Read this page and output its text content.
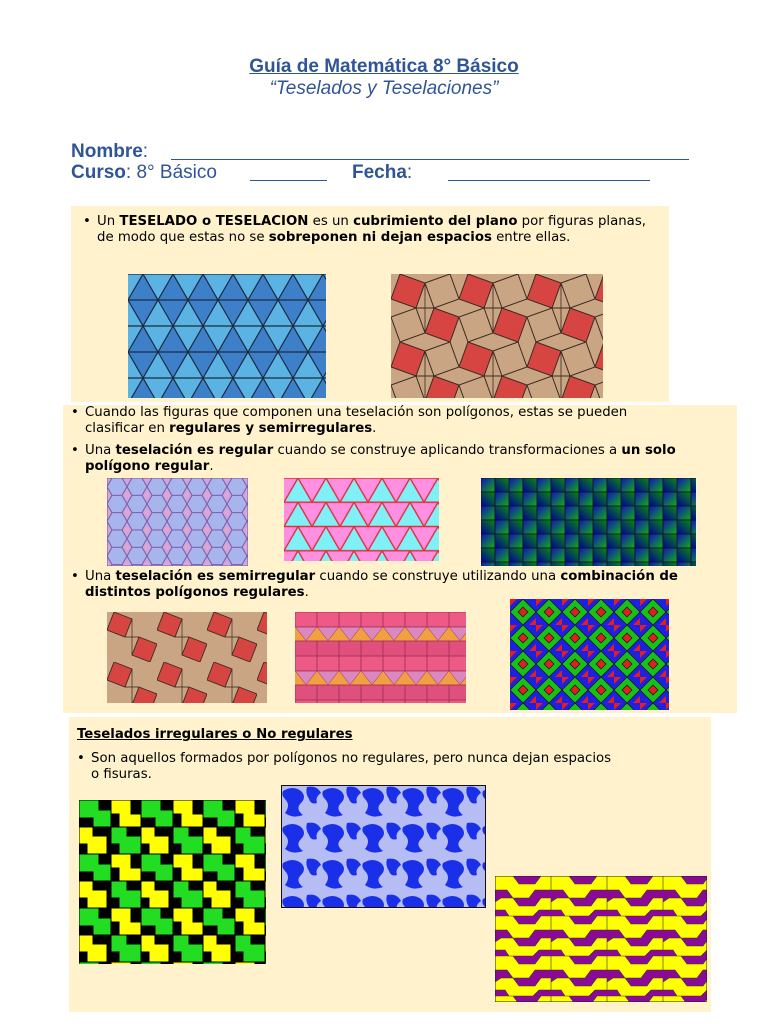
Guía de Matemática 8° Básico
“Teselados y Teselaciones”
Nombre:
Curso: 8° Básico	Fecha:
• Un TESELADO o TESELACION es un cubrimiento del plano por figuras planas,
de modo que estas no se sobreponen ni dejan espacios entre ellas.
• Cuando las figuras que componen una teselación son polígonos, estas se pueden
clasificar en regulares y semirregulares.
• Una teselación es regular cuando se construye aplicando transformaciones a un solo
polígono regular.
• Una teselación es semirregular cuando se construye utilizando una combinación de
distintos polígonos regulares.
Teselados irregulares o No regulares
• Son aquellos formados por polígonos no regulares, pero nunca dejan espacios
o fisuras.
